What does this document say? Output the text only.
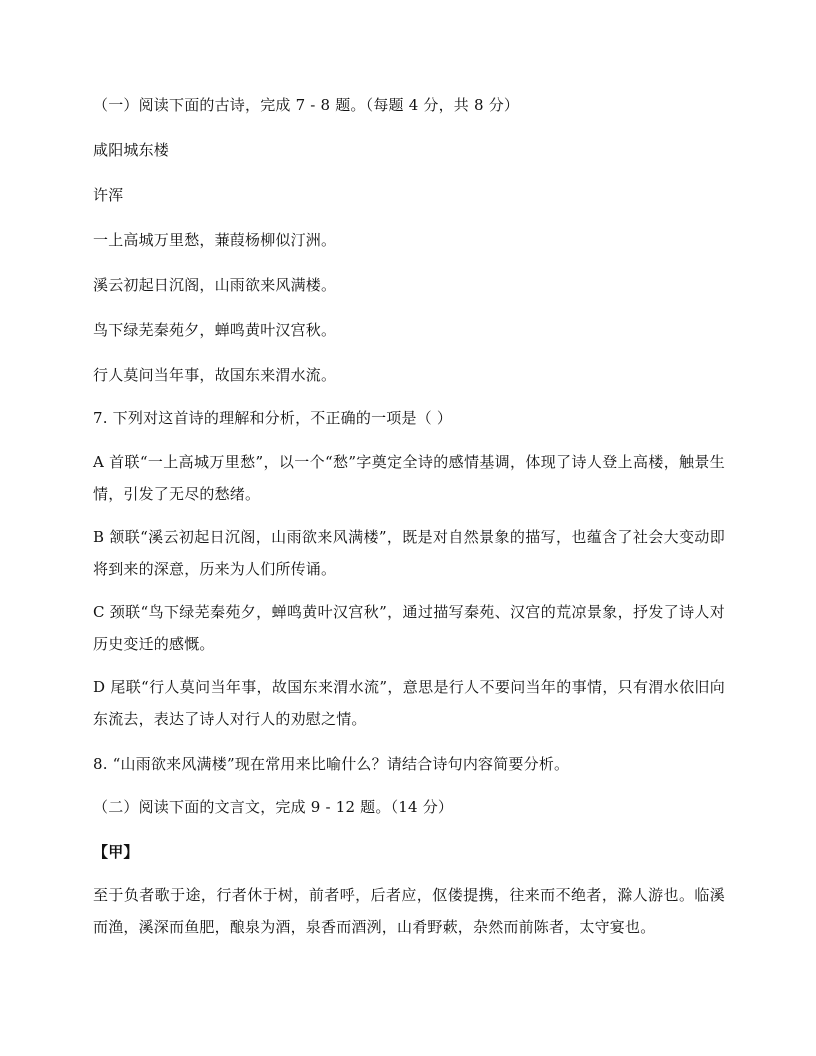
（一）阅读下面的古诗，完成 7 - 8 题。（每题 4 分，共 8 分）
咸阳城东楼
许浑
一上高城万里愁，蒹葭杨柳似汀洲。
溪云初起日沉阁，山雨欲来风满楼。
鸟下绿芜秦苑夕，蝉鸣黄叶汉宫秋。
行人莫问当年事，故国东来渭水流。
7. 下列对这首诗的理解和分析，不正确的一项是（ ）
A 首联“一上高城万里愁”，以一个“愁”字奠定全诗的感情基调，体现了诗人登上高楼，触景生情，引发了无尽的愁绪。
B 颔联“溪云初起日沉阁，山雨欲来风满楼”，既是对自然景象的描写，也蕴含了社会大变动即将到来的深意，历来为人们所传诵。
C 颈联“鸟下绿芜秦苑夕，蝉鸣黄叶汉宫秋”，通过描写秦苑、汉宫的荒凉景象，抒发了诗人对历史变迁的感慨。
D 尾联“行人莫问当年事，故国东来渭水流”，意思是行人不要问当年的事情，只有渭水依旧向东流去，表达了诗人对行人的劝慰之情。
8. “山雨欲来风满楼”现在常用来比喻什么？请结合诗句内容简要分析。
（二）阅读下面的文言文，完成 9 - 12 题。（14 分）
【甲】
至于负者歌于途，行者休于树，前者呼，后者应，伛偻提携，往来而不绝者，滁人游也。临溪而渔，溪深而鱼肥，酿泉为酒，泉香而酒洌，山肴野蔌，杂然而前陈者，太守宴也。
